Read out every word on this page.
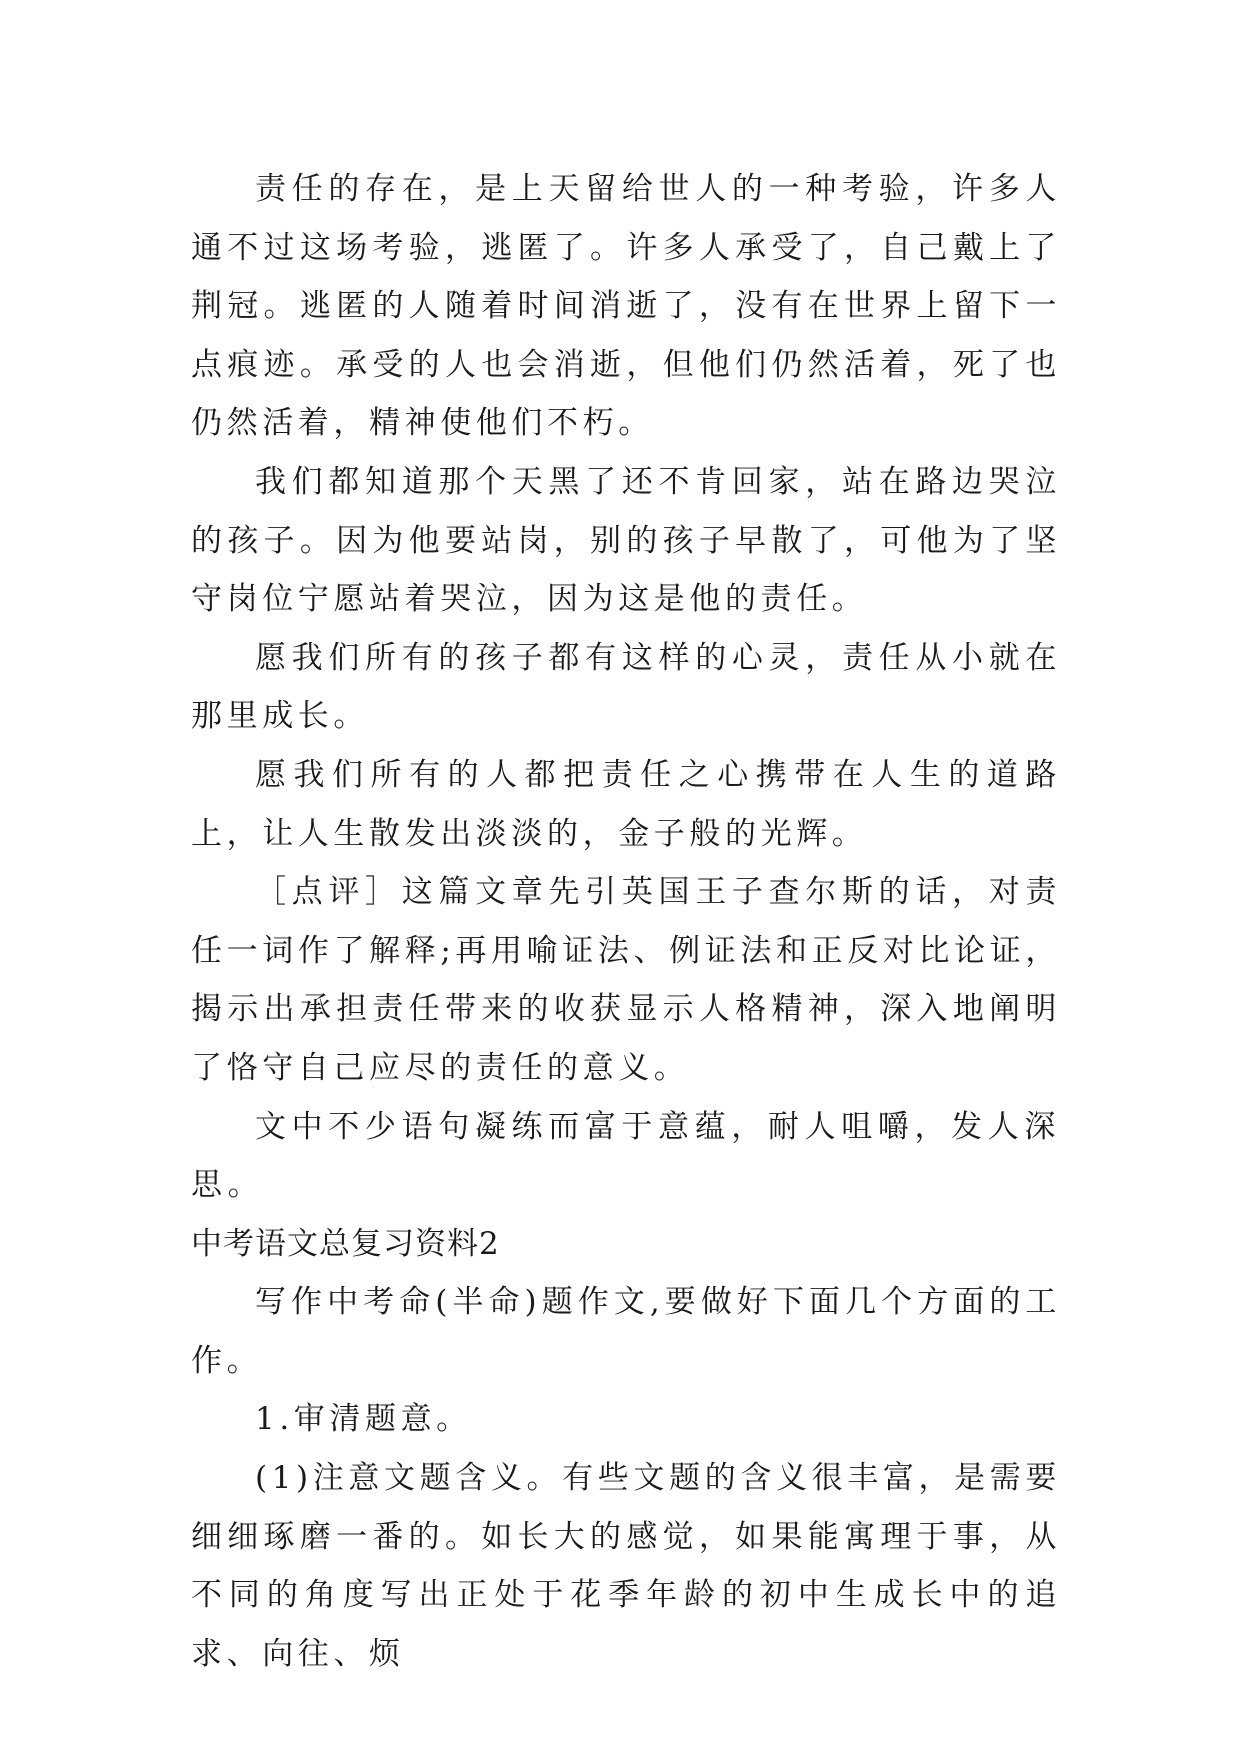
责任的存在，是上天留给世人的一种考验，许多人通不过这场考验，逃匿了。许多人承受了，自己戴上了荆冠。逃匿的人随着时间消逝了，没有在世界上留下一点痕迹。承受的人也会消逝，但他们仍然活着，死了也仍然活着，精神使他们不朽。

我们都知道那个天黑了还不肯回家，站在路边哭泣的孩子。因为他要站岗，别的孩子早散了，可他为了坚守岗位宁愿站着哭泣，因为这是他的责任。

愿我们所有的孩子都有这样的心灵，责任从小就在那里成长。

愿我们所有的人都把责任之心携带在人生的道路上，让人生散发出淡淡的，金子般的光辉。

［点评］这篇文章先引英国王子查尔斯的话，对责任一词作了解释;再用喻证法、例证法和正反对比论证，揭示出承担责任带来的收获显示人格精神，深入地阐明了恪守自己应尽的责任的意义。

文中不少语句凝练而富于意蕴，耐人咀嚼，发人深思。

中考语文总复习资料2

写作中考命(半命)题作文,要做好下面几个方面的工作。

1.审清题意。

(1)注意文题含义。有些文题的含义很丰富，是需要细细琢磨一番的。如长大的感觉，如果能寓理于事，从不同的角度写出正处于花季年龄的初中生成长中的追求、向往、烦
